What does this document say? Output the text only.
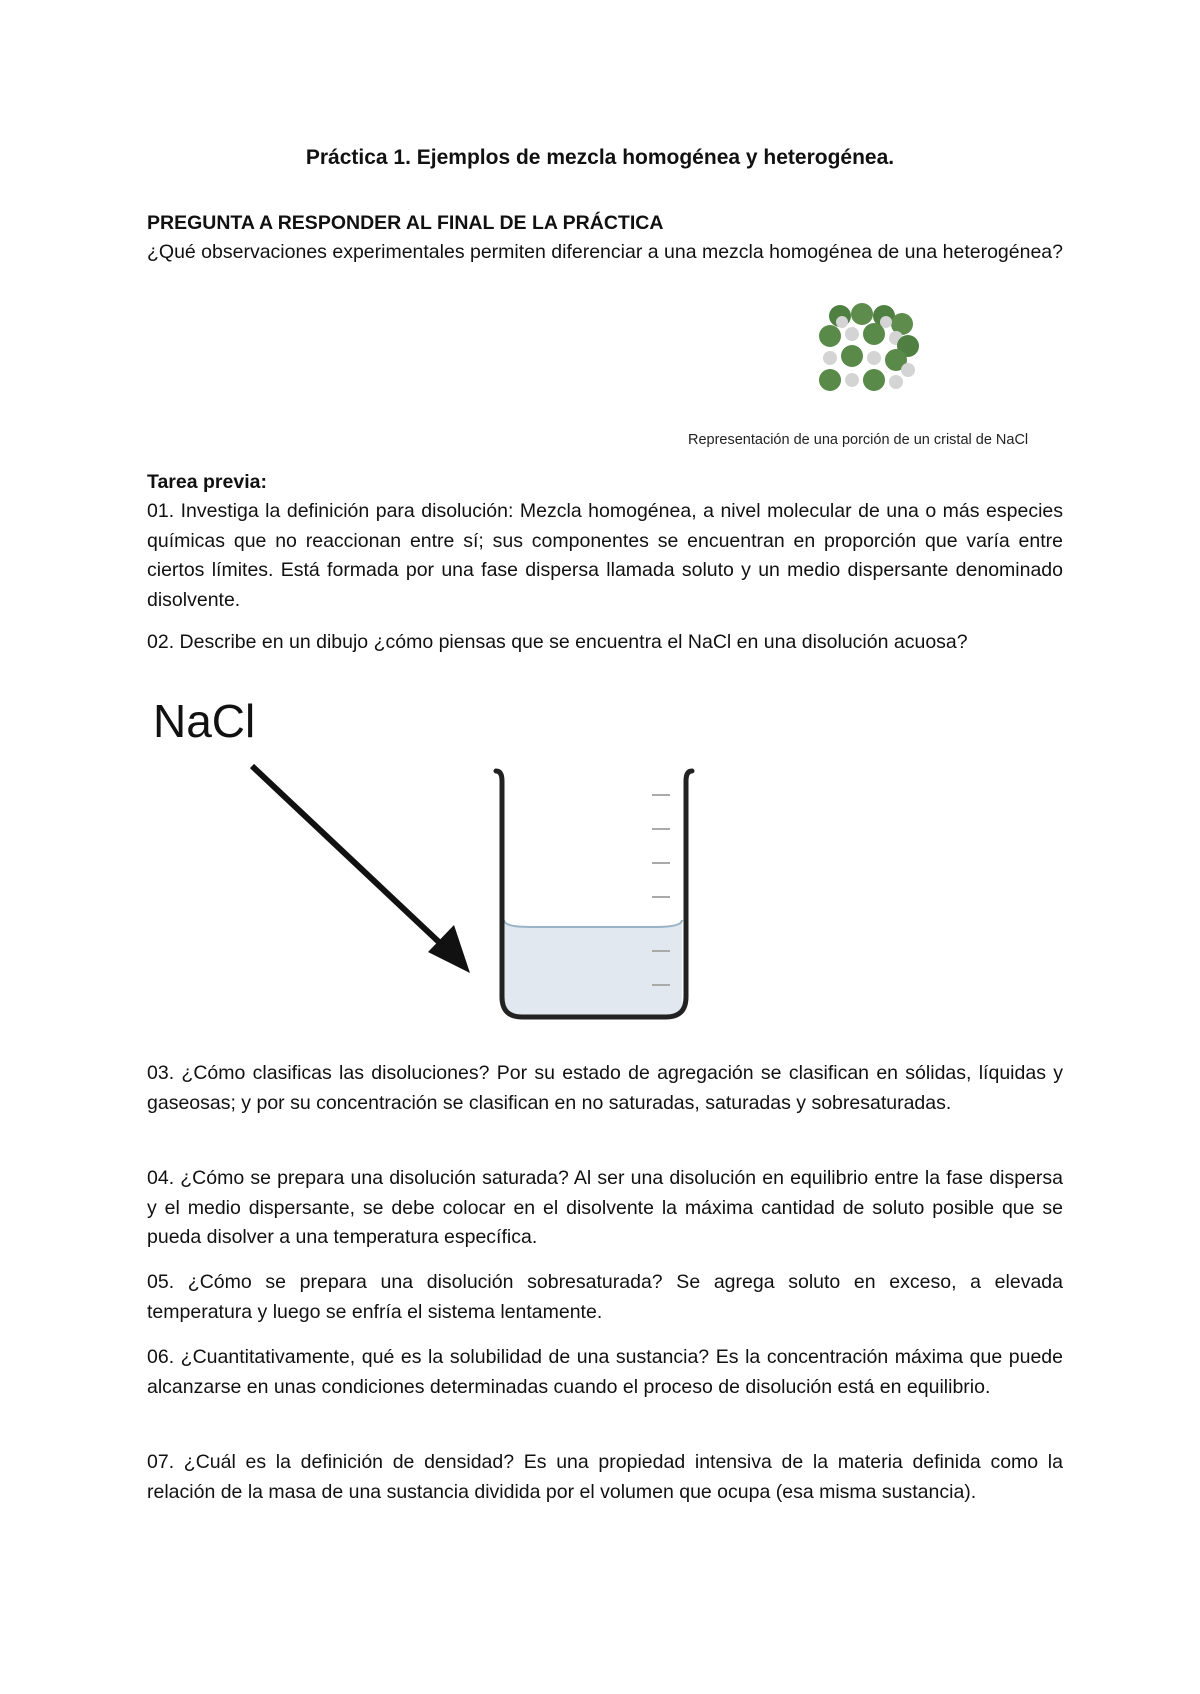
Práctica 1. Ejemplos de mezcla homogénea y heterogénea.
PREGUNTA A RESPONDER AL FINAL DE LA PRÁCTICA
¿Qué observaciones experimentales permiten diferenciar a una mezcla homogénea de una heterogénea?
Representación de una porción de un cristal de NaCl
Tarea previa:
01. Investiga la definición para disolución: Mezcla homogénea, a nivel molecular de una o más especies químicas que no reaccionan entre sí; sus componentes se encuentran en proporción que varía entre ciertos límites. Está formada por una fase dispersa llamada soluto y un medio dispersante denominado disolvente.
02. Describe en un dibujo ¿cómo piensas que se encuentra el NaCl en una disolución acuosa?
NaCl
03. ¿Cómo clasificas las disoluciones? Por su estado de agregación se clasifican en sólidas, líquidas y gaseosas; y por su concentración se clasifican en no saturadas, saturadas y sobresaturadas.
04. ¿Cómo se prepara una disolución saturada? Al ser una disolución en equilibrio entre la fase dispersa y el medio dispersante, se debe colocar en el disolvente la máxima cantidad de soluto posible que se pueda disolver a una temperatura específica.
05. ¿Cómo se prepara una disolución sobresaturada? Se agrega soluto en exceso, a elevada temperatura y luego se enfría el sistema lentamente.
06. ¿Cuantitativamente, qué es la solubilidad de una sustancia? Es la concentración máxima que puede alcanzarse en unas condiciones determinadas cuando el proceso de disolución está en equilibrio.
07. ¿Cuál es la definición de densidad? Es una propiedad intensiva de la materia definida como la relación de la masa de una sustancia dividida por el volumen que ocupa (esa misma sustancia).
